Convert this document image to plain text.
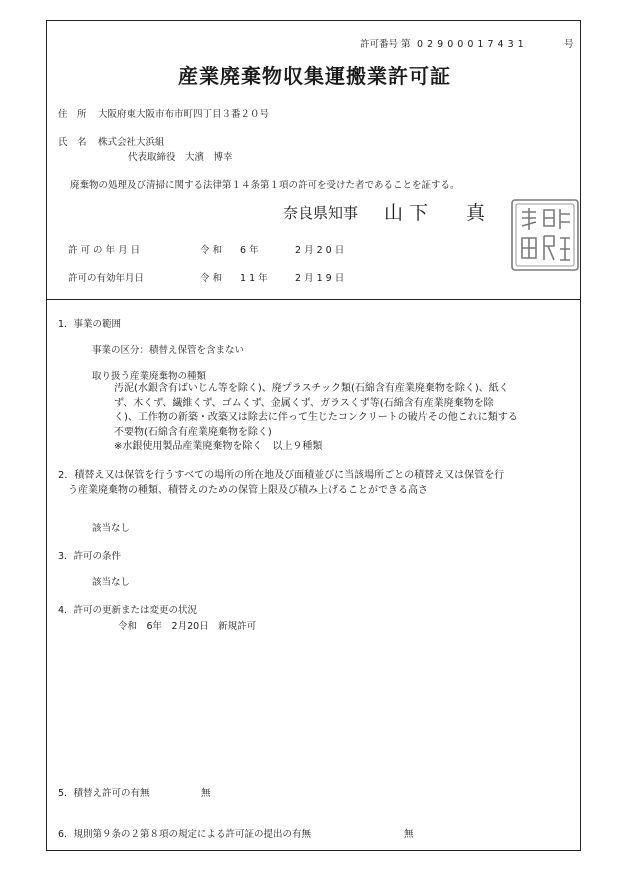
許可番号 第 0 2 9 0 0 0 1 7 4 3 1	号
産業廃棄物収集運搬業許可証
住　所 大阪府東大阪市布市町四丁目３番２０号
氏　名 株式会社大浜組
代表取締役　大濱　博幸
廃棄物の処理及び清掃に関する法律第１４条第１項の許可を受けた者であることを証する。
奈良県知事 山 下　　真
許 可 の 年 月 日	令 和 6 年	2 月 2 0 日
許可の有効年月日	令 和 1 1 年	2 月 1 9 日
1．事業の範囲
事業の区分：積替え保管を含まない
取り扱う産業廃棄物の種類
汚泥(水銀含有ばいじん等を除く)、廃プラスチック類(石綿含有産業廃棄物を除く)、紙く
ず、木くず、繊維くず、ゴムくず、金属くず、ガラスくず等(石綿含有産業廃棄物を除
く)、工作物の新築・改築又は除去に伴って生じたコンクリートの破片その他これに類する
不要物(石綿含有産業廃棄物を除く)
※水銀使用製品産業廃棄物を除く　以上９種類
2．積替え又は保管を行うすべての場所の所在地及び面積並びに当該場所ごとの積替え又は保管を行
う産業廃棄物の種類、積替えのための保管上限及び積み上げることができる高さ
該当なし
3．許可の条件
該当なし
4．許可の更新または変更の状況
令和　6年　2月20日　新規許可
5．積替え許可の有無	無
6．規則第９条の２第８項の規定による許可証の提出の有無	無
